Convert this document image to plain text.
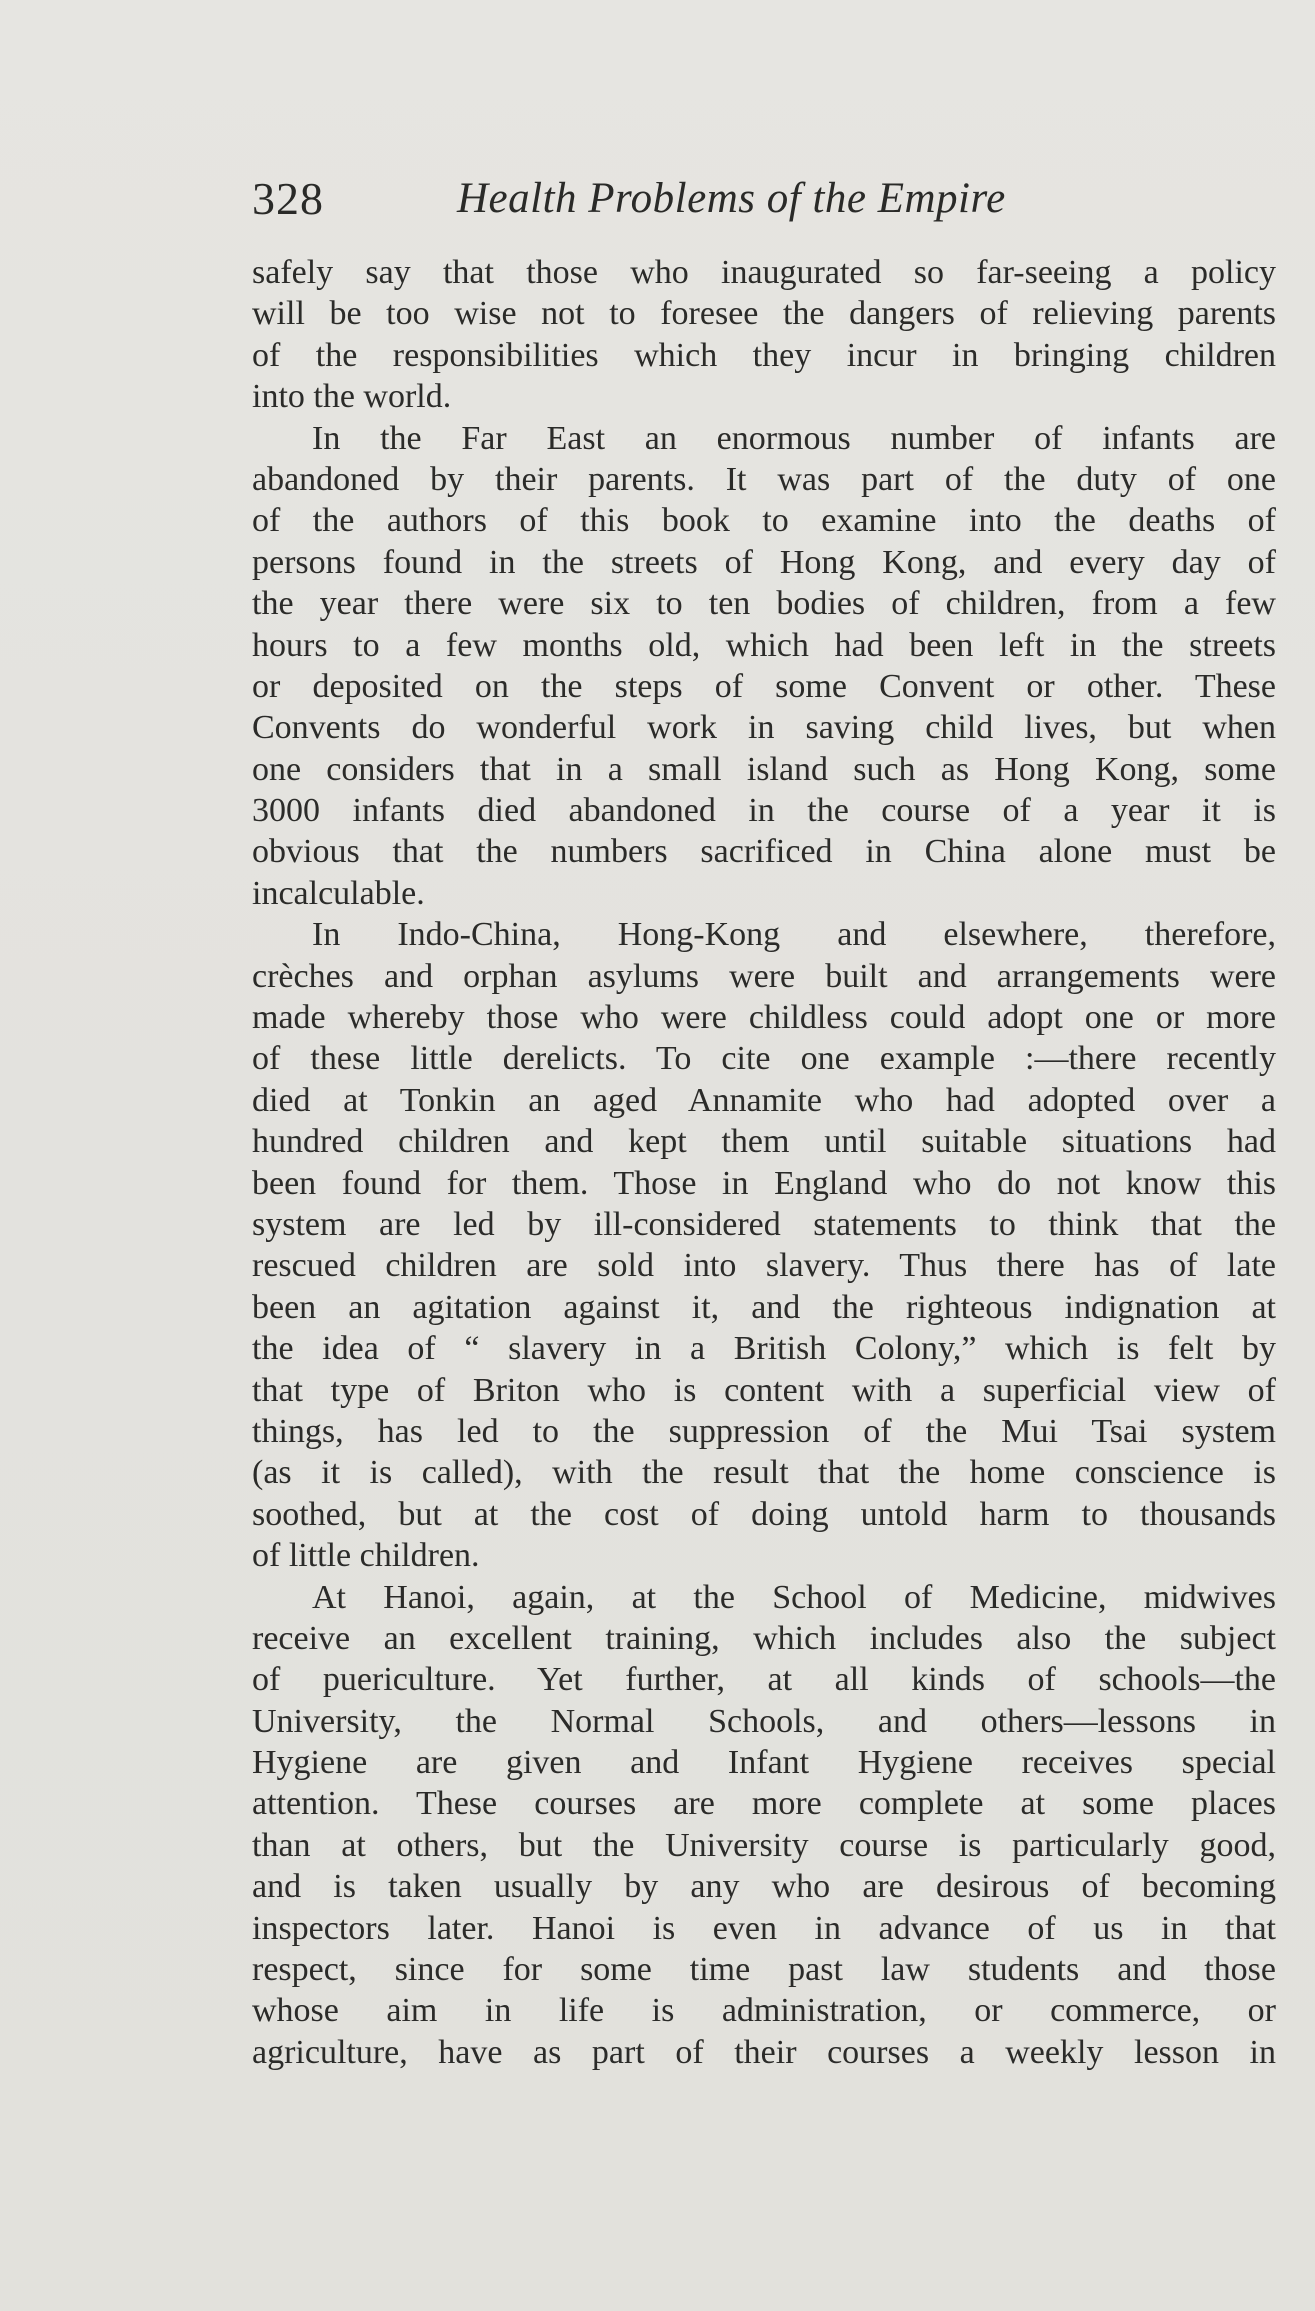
328	Health Problems of the Empire
safely say that those who inaugurated so far-seeing a policy
will be too wise not to foresee the dangers of relieving parents
of the responsibilities which they incur in bringing children
into the world.
In the Far East an enormous number of infants are
abandoned by their parents. It was part of the duty of one
of the authors of this book to examine into the deaths of
persons found in the streets of Hong Kong, and every day of
the year there were six to ten bodies of children, from a few
hours to a few months old, which had been left in the streets
or deposited on the steps of some Convent or other. These
Convents do wonderful work in saving child lives, but when
one considers that in a small island such as Hong Kong, some
3000 infants died abandoned in the course of a year it is
obvious that the numbers sacrificed in China alone must be
incalculable.
In Indo-China, Hong-Kong and elsewhere, therefore,
crèches and orphan asylums were built and arrangements were
made whereby those who were childless could adopt one or more
of these little derelicts. To cite one example :—there recently
died at Tonkin an aged Annamite who had adopted over a
hundred children and kept them until suitable situations had
been found for them. Those in England who do not know this
system are led by ill-considered statements to think that the
rescued children are sold into slavery. Thus there has of late
been an agitation against it, and the righteous indignation at
the idea of “ slavery in a British Colony,” which is felt by
that type of Briton who is content with a superficial view of
things, has led to the suppression of the Mui Tsai system
(as it is called), with the result that the home conscience is
soothed, but at the cost of doing untold harm to thousands
of little children.
At Hanoi, again, at the School of Medicine, midwives
receive an excellent training, which includes also the subject
of puericulture. Yet further, at all kinds of schools—the
University, the Normal Schools, and others—lessons in
Hygiene are given and Infant Hygiene receives special
attention. These courses are more complete at some places
than at others, but the University course is particularly good,
and is taken usually by any who are desirous of becoming
inspectors later. Hanoi is even in advance of us in that
respect, since for some time past law students and those
whose aim in life is administration, or commerce, or
agriculture, have as part of their courses a weekly lesson in
